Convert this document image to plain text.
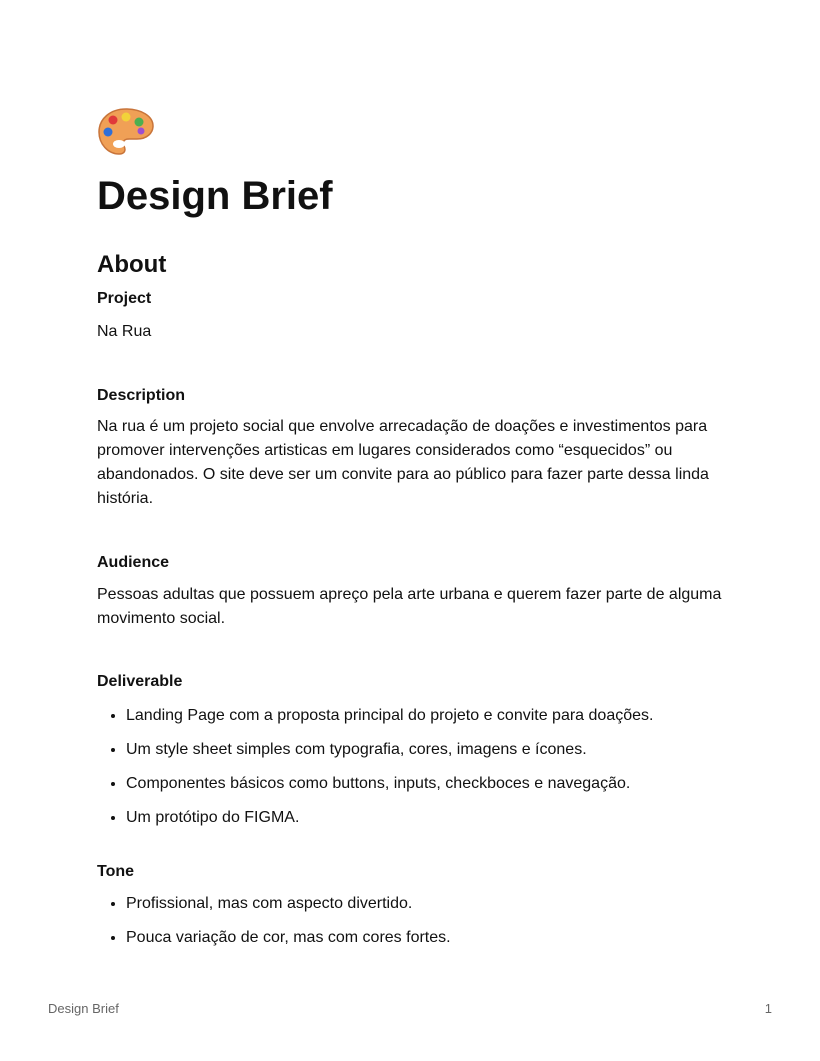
Design Brief
About

Project

Na Rua

Description

Na rua é um projeto social que envolve arrecadação de doações e investimentos para promover intervenções artisticas em lugares considerados como “esquecidos” ou abandonados. O site deve ser um convite para ao público para fazer parte dessa linda história.

Audience

Pessoas adultas que possuem apreço pela arte urbana e querem fazer parte de alguma movimento social.

Deliverable

• Landing Page com a proposta principal do projeto e convite para doações.
• Um style sheet simples com typografia, cores, imagens e ícones.
• Componentes básicos como buttons, inputs, checkboces e navegação.
• Um protótipo do FIGMA.

Tone

• Profissional, mas com aspecto divertido.
• Pouca variação de cor, mas com cores fortes.
Design Brief	1
